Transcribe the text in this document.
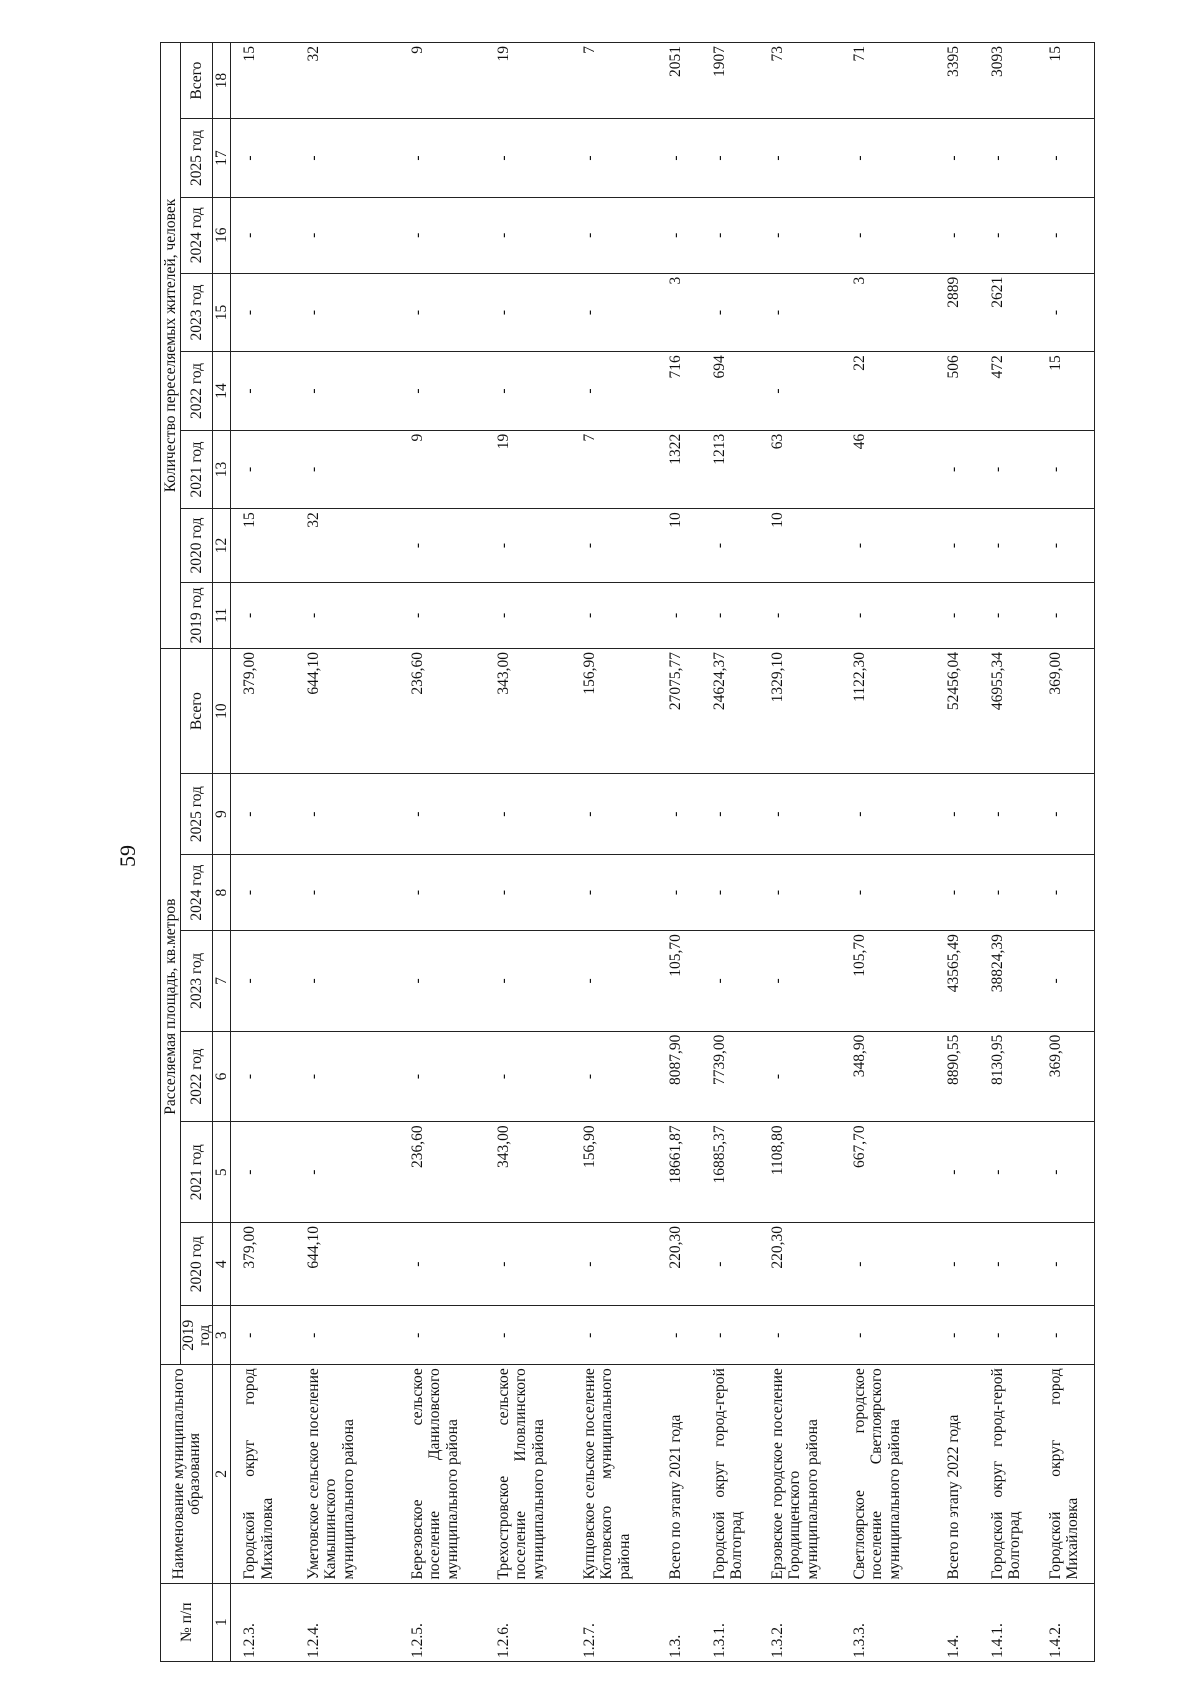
59
№ п/п	Наименование муниципального образования	Расселяемая площадь, кв.метров								Количество переселяемых жителей, человек							
		2019 год	2020 год	2021 год	2022 год	2023 год	2024 год	2025 год	Всего	2019 год	2020 год	2021 год	2022 год	2023 год	2024 год	2025 год	Всего
1	2	3	4	5	6	7	8	9	10	11	12	13	14	15	16	17	18
1.2.3.	Городской округ город Михайловка	-	379,00	-	-	-	-	-	379,00	-	15	-	-	-	-	-	15
1.2.4.	Уметовское сельское поселение Камышинского муниципального района	-	644,10	-	-	-	-	-	644,10	-	32	-	-	-	-	-	32
1.2.5.	Березовское сельское поселение Даниловского муниципального района	-	-	236,60	-	-	-	-	236,60	-	-	9	-	-	-	-	9
1.2.6.	Трехостровское сельское поселение Иловлинского муниципального района	-	-	343,00	-	-	-	-	343,00	-	-	19	-	-	-	-	19
1.2.7.	Купцовское сельское поселение Котовского муниципального района	-	-	156,90	-	-	-	-	156,90	-	-	7	-	-	-	-	7
1.3.	Всего по этапу 2021 года	-	220,30	18661,87	8087,90	105,70	-	-	27075,77	-	10	1322	716	3	-	-	2051
1.3.1.	Городской округ город-герой Волгоград	-	-	16885,37	7739,00	-	-	-	24624,37	-	-	1213	694	-	-	-	1907
1.3.2.	Ерзовское городское поселение Городищенского муниципального района	-	220,30	1108,80	-	-	-	-	1329,10	-	10	63	-	-	-	-	73
1.3.3.	Светлоярское городское поселение Светлоярского муниципального района	-	-	667,70	348,90	105,70	-	-	1122,30	-	-	46	22	3	-	-	71
1.4.	Всего по этапу 2022 года	-	-	-	8890,55	43565,49	-	-	52456,04	-	-	-	506	2889	-	-	3395
1.4.1.	Городской округ город-герой Волгоград	-	-	-	8130,95	38824,39	-	-	46955,34	-	-	-	472	2621	-	-	3093
1.4.2.	Городской округ город Михайловка	-	-	-	369,00	-	-	-	369,00	-	-	-	15	-	-	-	15
